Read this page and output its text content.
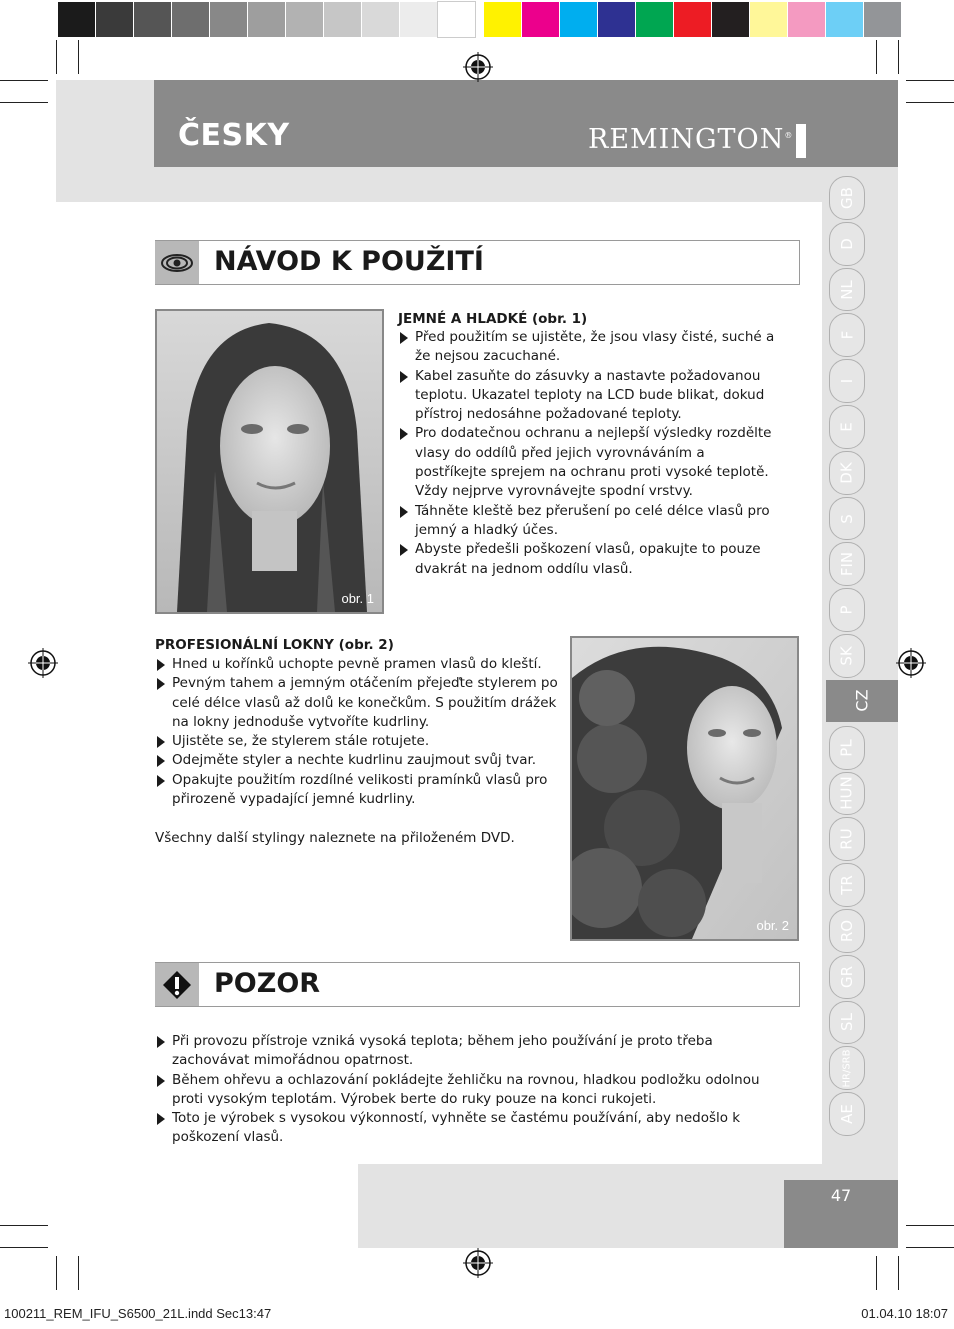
ČESKY	REMINGTON®
47
GB
D
NL
F
I
E
DK
S
FIN
P
SK
CZ
PL
HUN
RU
TR
RO
GR
SL
HR/SRB
AE
NÁVOD K POUŽITÍ
obr. 1
JEMNÉ A HLADKÉ (obr. 1)
Před použitím se ujistěte, že jsou vlasy čisté, suché a že nejsou zacuchané.
Kabel zasuňte do zásuvky a nastavte požadovanou teplotu. Ukazatel teploty na LCD bude blikat, dokud přístroj nedosáhne požadované teploty.
Pro dodatečnou ochranu a nejlepší výsledky rozdělte vlasy do oddílů před jejich vyrovnáváním a postříkejte sprejem na ochranu proti vysoké teplotě. Vždy nejprve vyrovnávejte spodní vrstvy.
Táhněte kleště bez přerušení po celé délce vlasů pro jemný a hladký účes.
Abyste předešli poškození vlasů, opakujte to pouze dvakrát na jednom oddílu vlasů.
PROFESIONÁLNÍ LOKNY (obr. 2)
Hned u kořínků uchopte pevně pramen vlasů do kleští.
Pevným tahem a jemným otáčením přejeďte stylerem po celé délce vlasů až dolů ke konečkům. S použitím drážek na lokny jednoduše vytvoříte kudrliny.
Ujistěte se, že stylerem stále rotujete.
Odejměte styler a nechte kudrlinu zaujmout svůj tvar.
Opakujte použitím rozdílné velikosti pramínků vlasů pro přirozeně vypadající jemné kudrliny.
Všechny další stylingy naleznete na přiloženém DVD.
obr. 2
POZOR
Při provozu přístroje vzniká vysoká teplota; během jeho používání je proto třeba zachovávat mimořádnou opatrnost.
Během ohřevu a ochlazování pokládejte žehličku na rovnou, hladkou podložku odolnou proti vysokým teplotám. Výrobek berte do ruky pouze na konci rukojeti.
Toto je výrobek s vysokou výkonností, vyhněte se častému používání, aby nedošlo k poškození vlasů.
100211_REM_IFU_S6500_21L.indd Sec13:47	01.04.10 18:07
